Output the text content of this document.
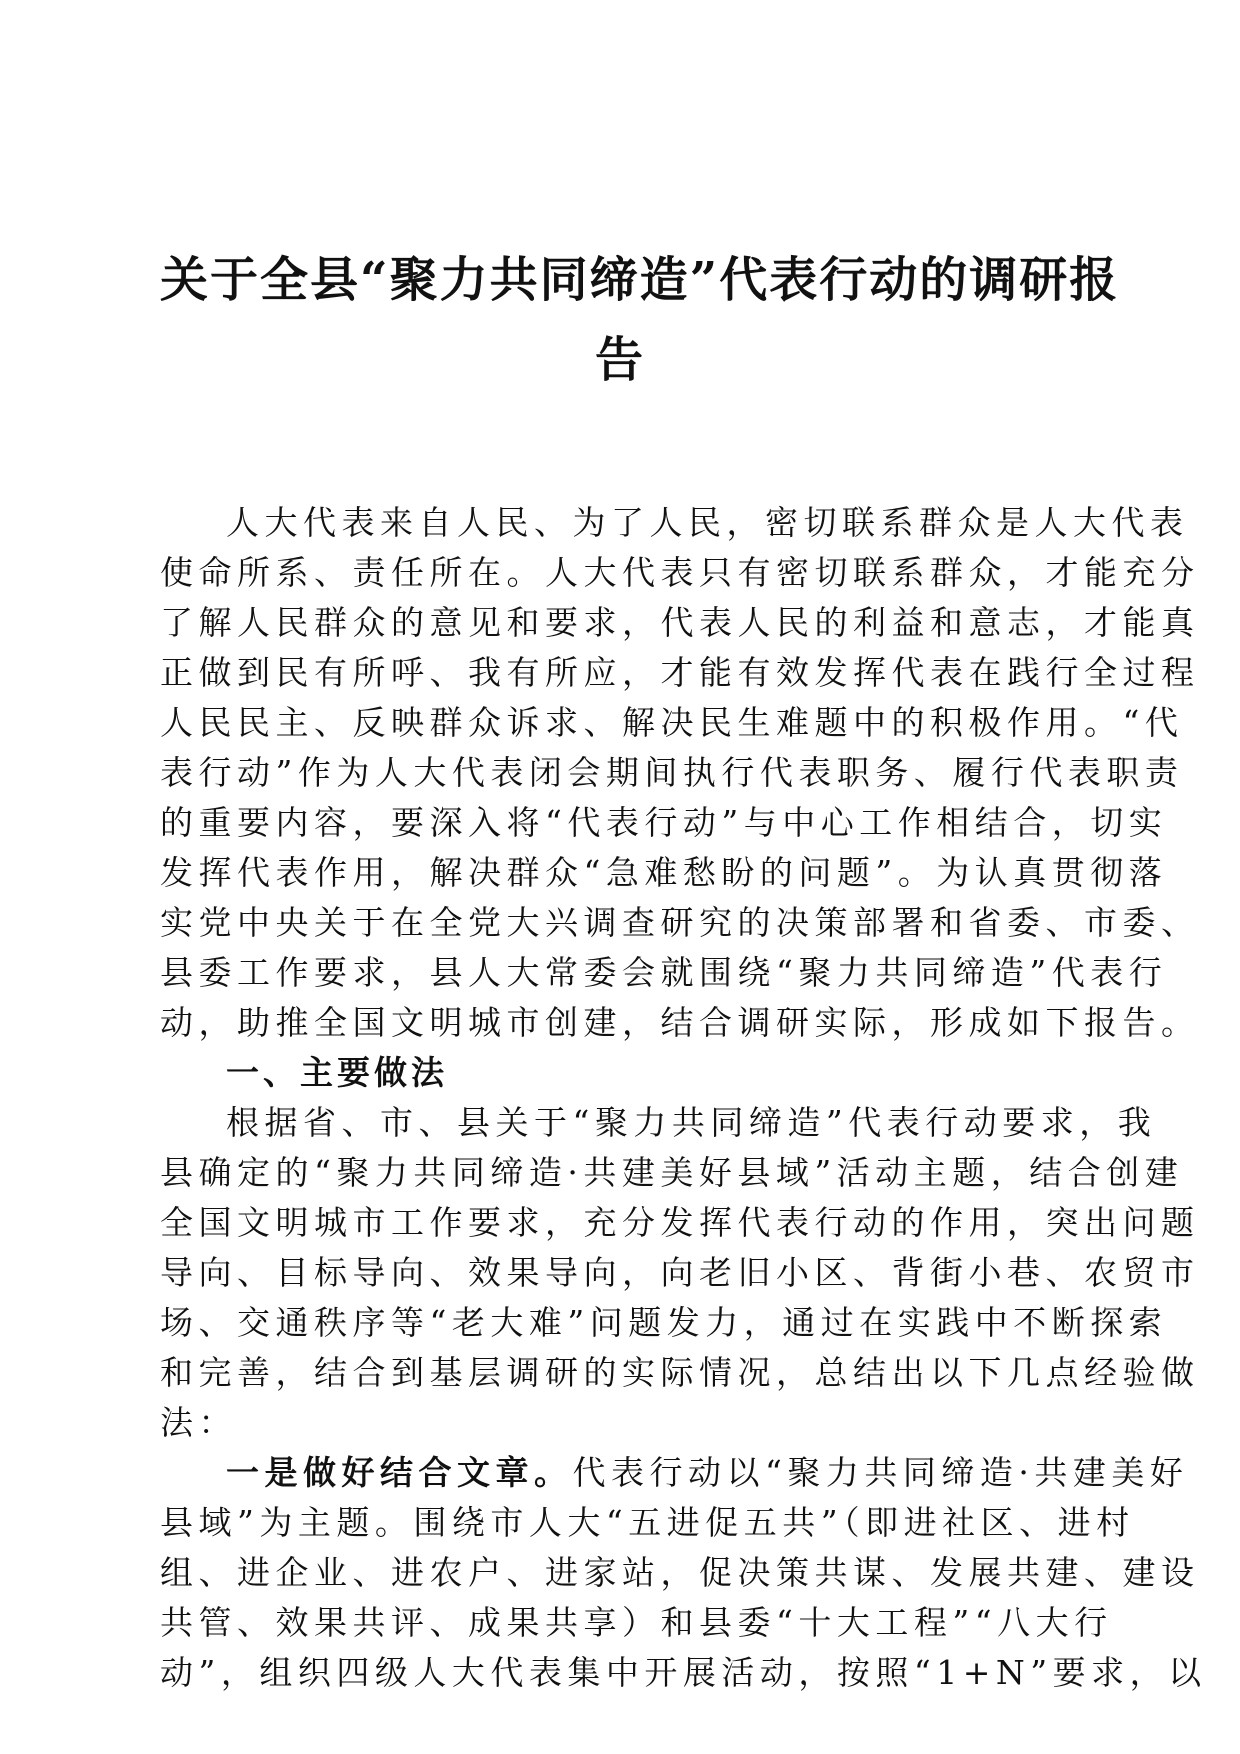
关于全县“聚力共同缔造”代表行动的调研报
告
人大代表来自人民、为了人民，密切联系群众是人大代表
使命所系、责任所在。人大代表只有密切联系群众，才能充分
了解人民群众的意见和要求，代表人民的利益和意志，才能真
正做到民有所呼、我有所应，才能有效发挥代表在践行全过程
人民民主、反映群众诉求、解决民生难题中的积极作用。“代
表行动”作为人大代表闭会期间执行代表职务、履行代表职责
的重要内容，要深入将“代表行动”与中心工作相结合，切实
发挥代表作用，解决群众“急难愁盼的问题”。为认真贯彻落
实党中央关于在全党大兴调查研究的决策部署和省委、市委、
县委工作要求，县人大常委会就围绕“聚力共同缔造”代表行
动，助推全国文明城市创建，结合调研实际，形成如下报告。
一、主要做法
根据省、市、县关于“聚力共同缔造”代表行动要求，我
县确定的“聚力共同缔造·共建美好县域”活动主题，结合创建
全国文明城市工作要求，充分发挥代表行动的作用，突出问题
导向、目标导向、效果导向，向老旧小区、背街小巷、农贸市
场、交通秩序等“老大难”问题发力，通过在实践中不断探索
和完善，结合到基层调研的实际情况，总结出以下几点经验做
法：
一是做好结合文章。代表行动以“聚力共同缔造·共建美好
县域”为主题。围绕市人大“五进促五共”（即进社区、进村
组、进企业、进农户、进家站，促决策共谋、发展共建、建设
共管、效果共评、成果共享）和县委“十大工程”“八大行
动”，组织四级人大代表集中开展活动，按照“1+N”要求，以
